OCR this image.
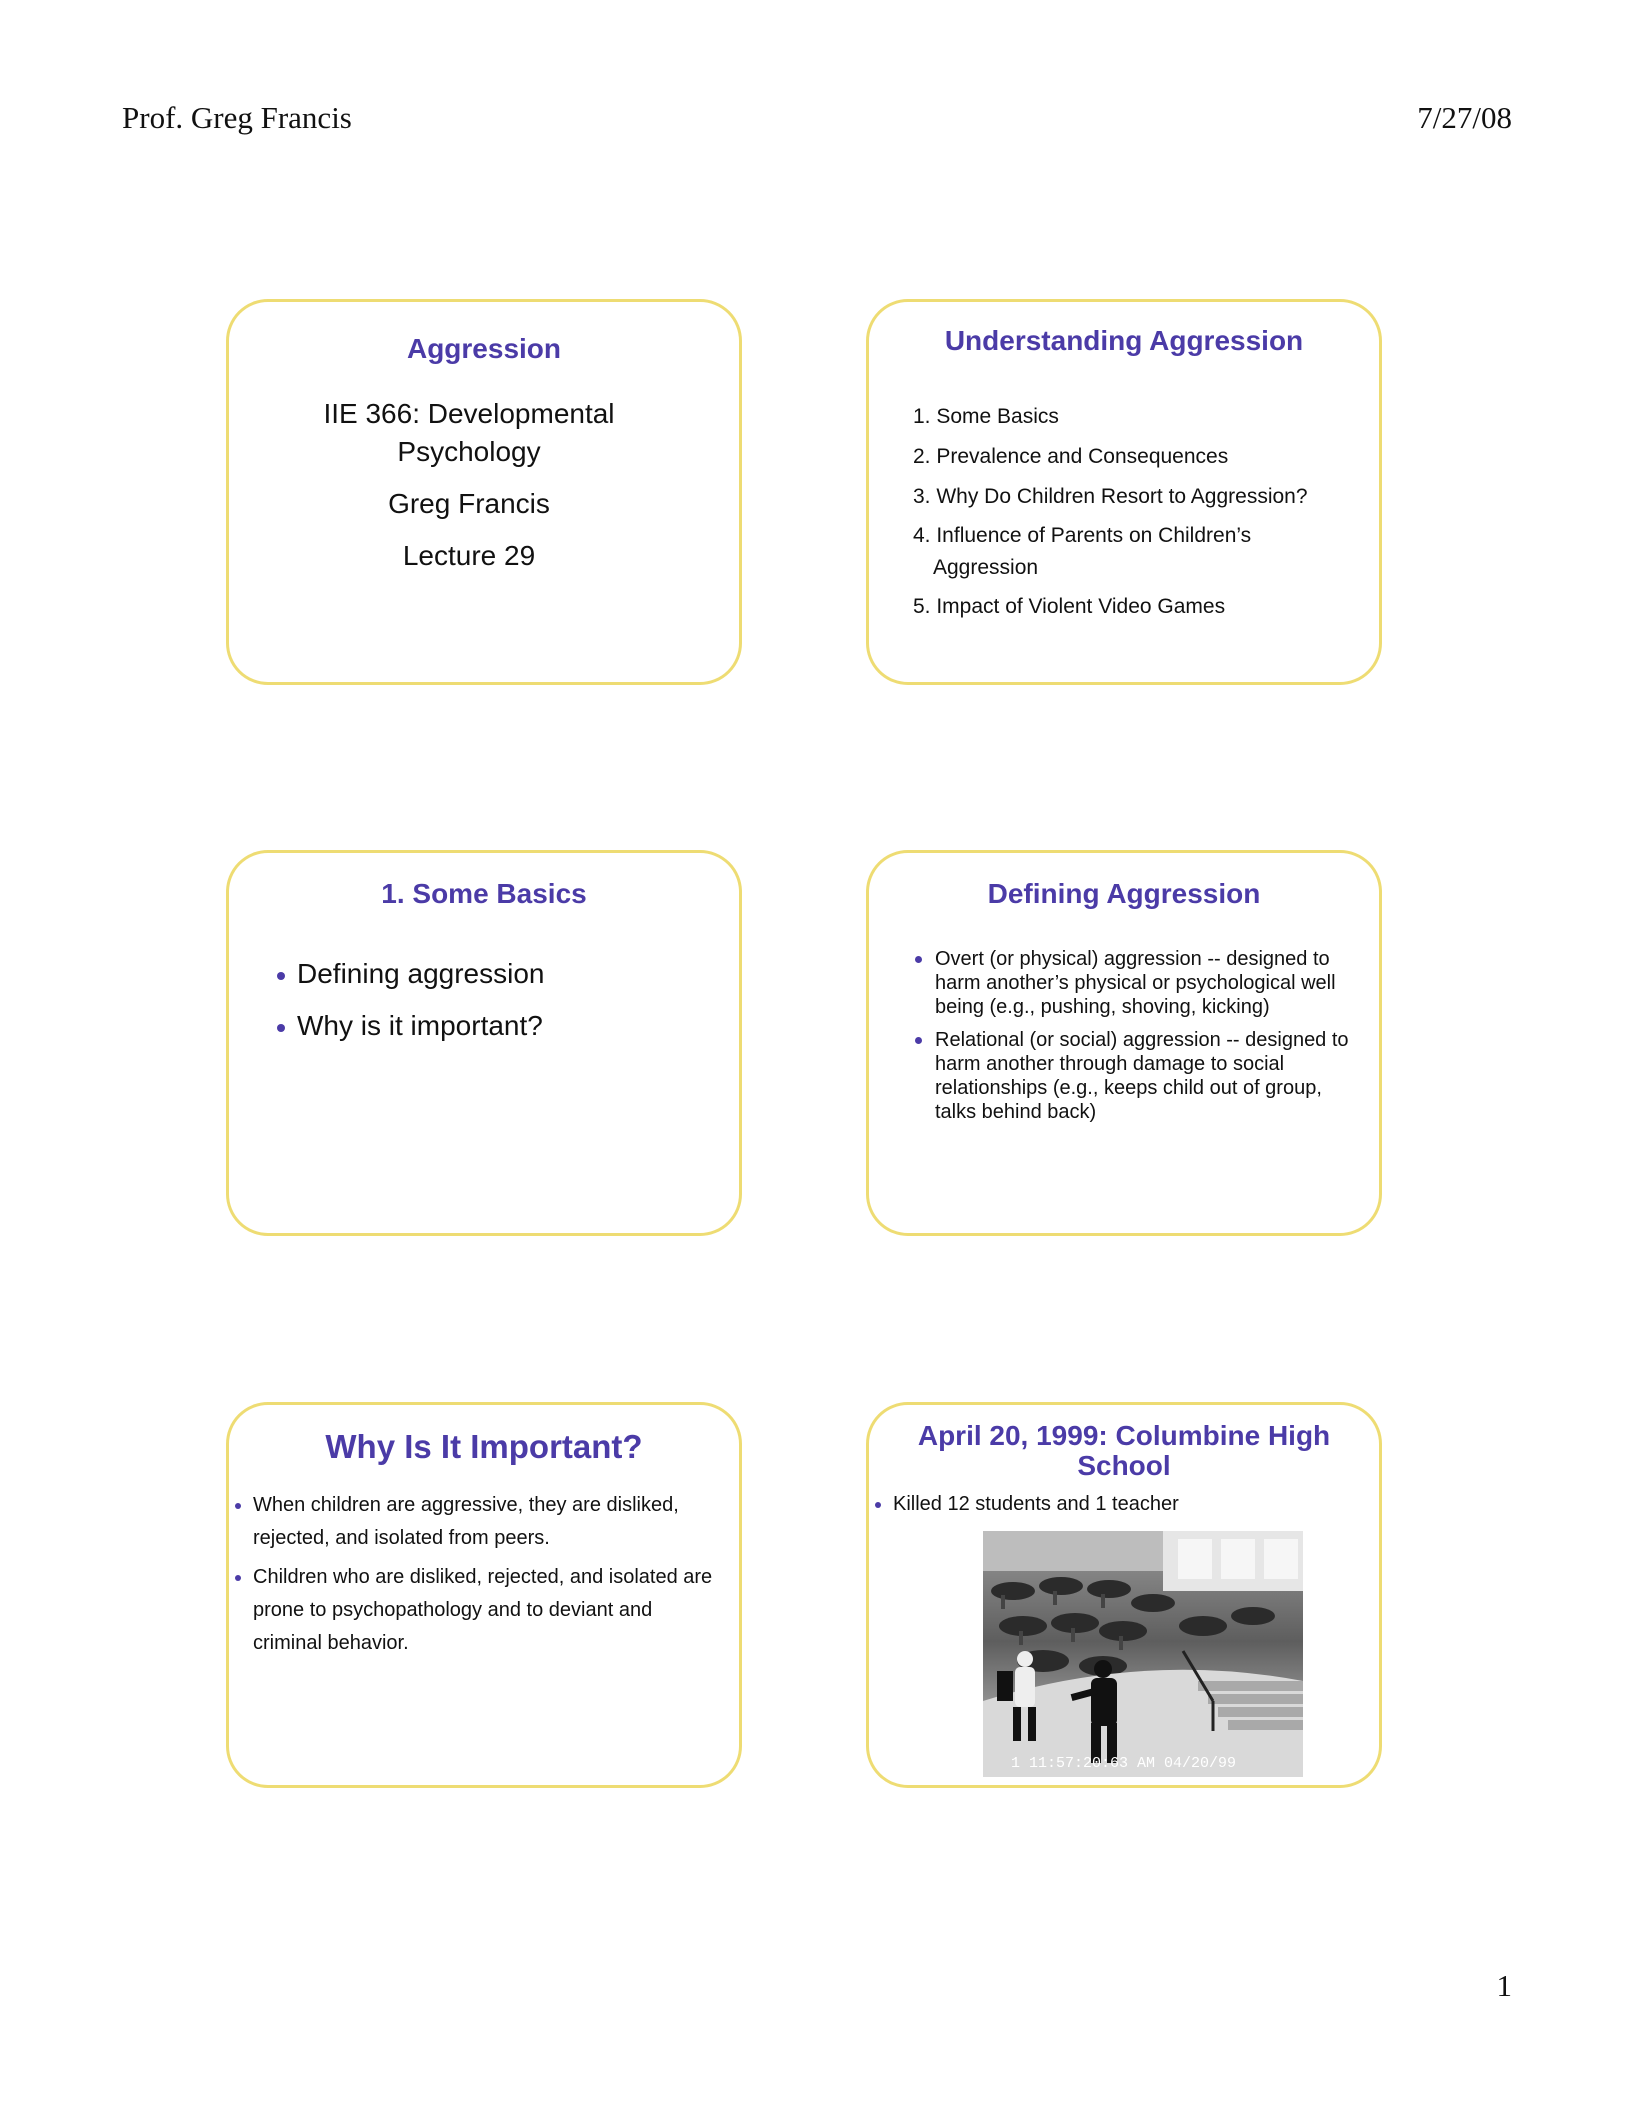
Prof. Greg Francis	7/27/08
Aggression
IIE 366: Developmental
Psychology
Greg Francis
Lecture 29
Understanding Aggression
1. Some Basics
2. Prevalence and Consequences
3. Why Do Children Resort to Aggression?
4. Influence of Parents on Children’s
Aggression
5. Impact of Violent Video Games
1. Some Basics
Defining aggression
Why is it important?
Defining Aggression
Overt (or physical) aggression -- designed to harm another’s physical or psychological well being (e.g., pushing, shoving, kicking)
Relational (or social) aggression -- designed to harm another through damage to social relationships (e.g., keeps child out of group, talks behind back)
Why Is It Important?
When children are aggressive, they are disliked, rejected, and isolated from peers.
Children who are disliked, rejected, and isolated are prone to psychopathology and to deviant and criminal behavior.
April 20, 1999: Columbine High School
Killed 12 students and 1 teacher
1 11:57:20:63 AM 04/20/99
1
